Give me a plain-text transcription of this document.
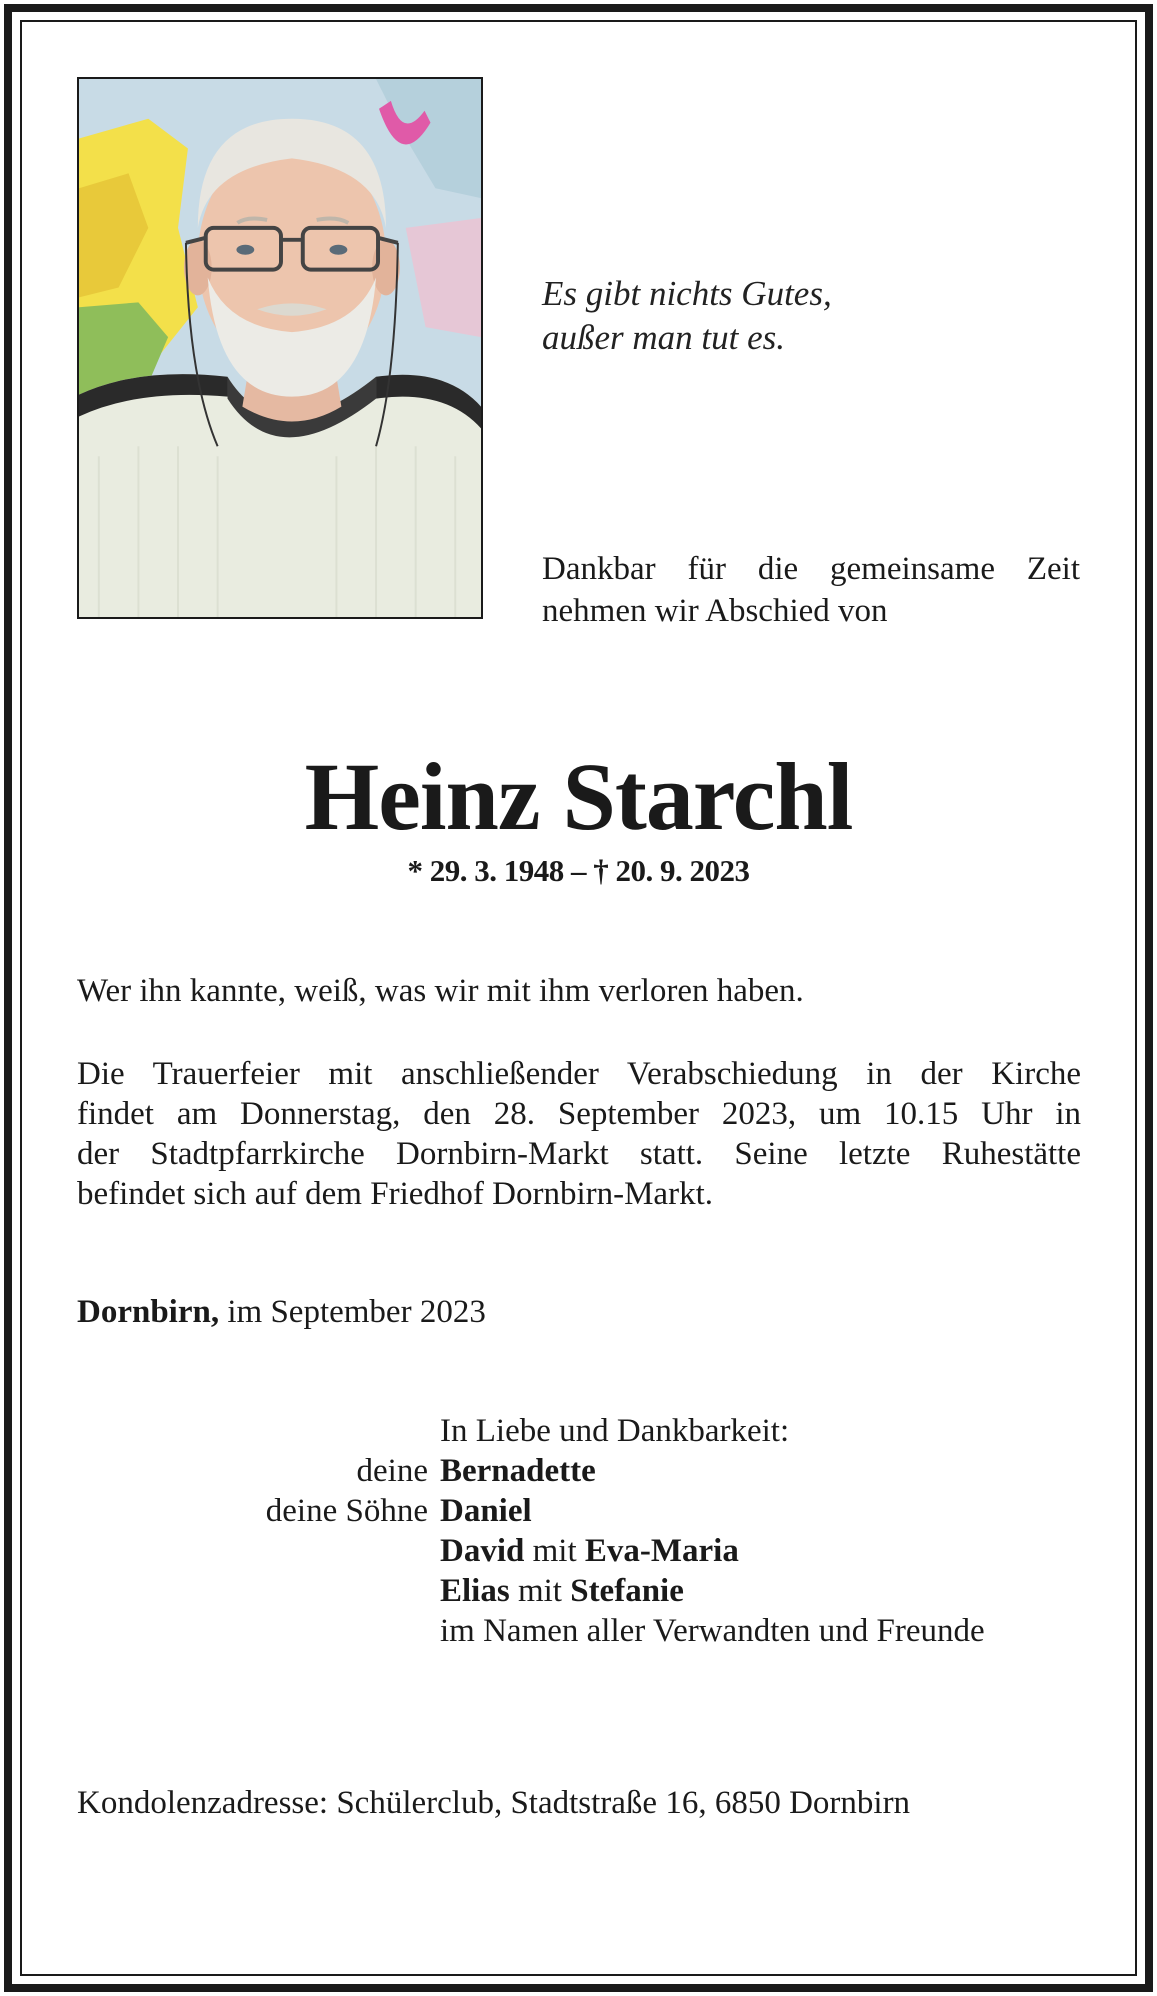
Es gibt nichts Gutes,
außer man tut es.
Dankbar für die gemeinsame Zeit
nehmen wir Abschied von
Heinz Starchl
* 29. 3. 1948 – † 20. 9. 2023
Wer ihn kannte, weiß, was wir mit ihm verloren haben.
Die Trauerfeier mit anschließender Verabschiedung in der Kirche
findet am Donnerstag, den 28. September 2023, um 10.15 Uhr in
der Stadtpfarrkirche Dornbirn-Markt statt. Seine letzte Ruhestätte
befindet sich auf dem Friedhof Dornbirn-Markt.
Dornbirn, im September 2023
In Liebe und Dankbarkeit:
deine Bernadette
deine Söhne Daniel
David mit Eva-Maria
Elias mit Stefanie
im Namen aller Verwandten und Freunde
Kondolenzadresse: Schülerclub, Stadtstraße 16, 6850 Dornbirn
